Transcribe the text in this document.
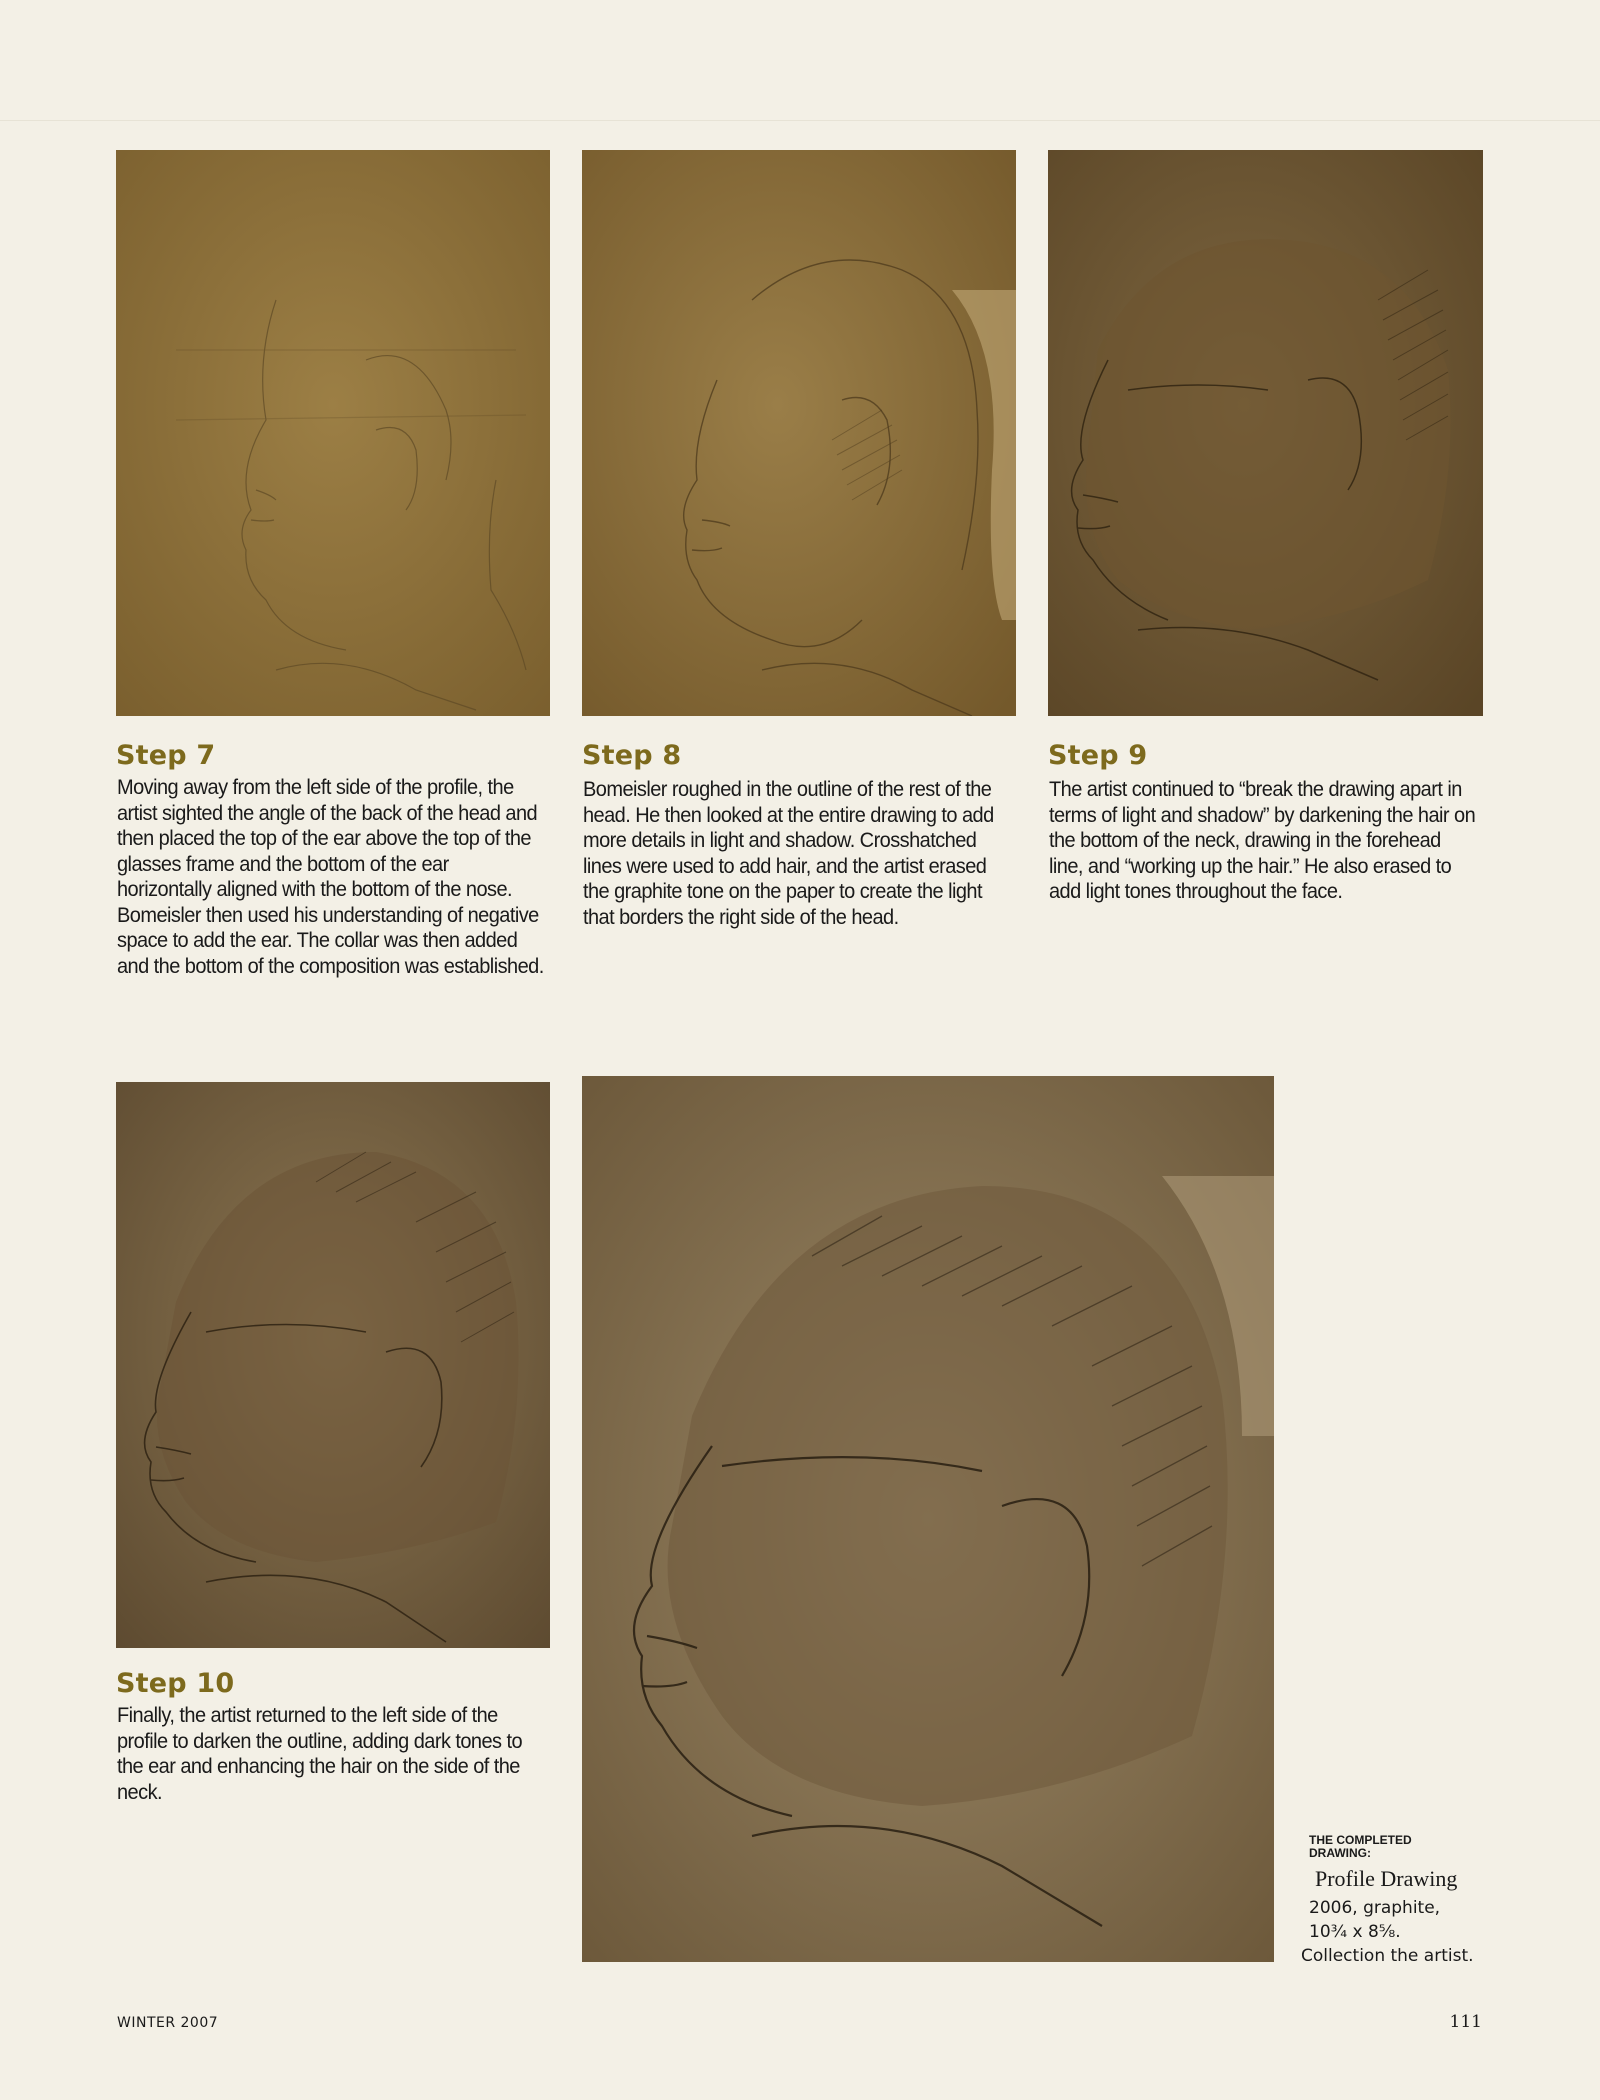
Step 7

Moving away from the left side of the profile, the artist sighted the angle of the back of the head and then placed the top of the ear above the top of the glasses frame and the bottom of the ear horizontally aligned with the bottom of the nose. Bomeisler then used his understanding of negative space to add the ear. The collar was then added and the bottom of the composition was established.

Step 8

Bomeisler roughed in the outline of the rest of the head. He then looked at the entire drawing to add more details in light and shadow. Crosshatched lines were used to add hair, and the artist erased the graphite tone on the paper to create the light that borders the right side of the head.

Step 9

The artist continued to “break the drawing apart in terms of light and shadow” by darkening the hair on the bottom of the neck, drawing in the forehead line, and “working up the hair.” He also erased to add light tones throughout the face.

Step 10

Finally, the artist returned to the left side of the profile to darken the outline, adding dark tones to the ear and enhancing the hair on the side of the neck.

THE COMPLETED DRAWING:
Profile Drawing
2006, graphite,
10¾ x 8⅝.
Collection the artist.
WINTER 2007	111
